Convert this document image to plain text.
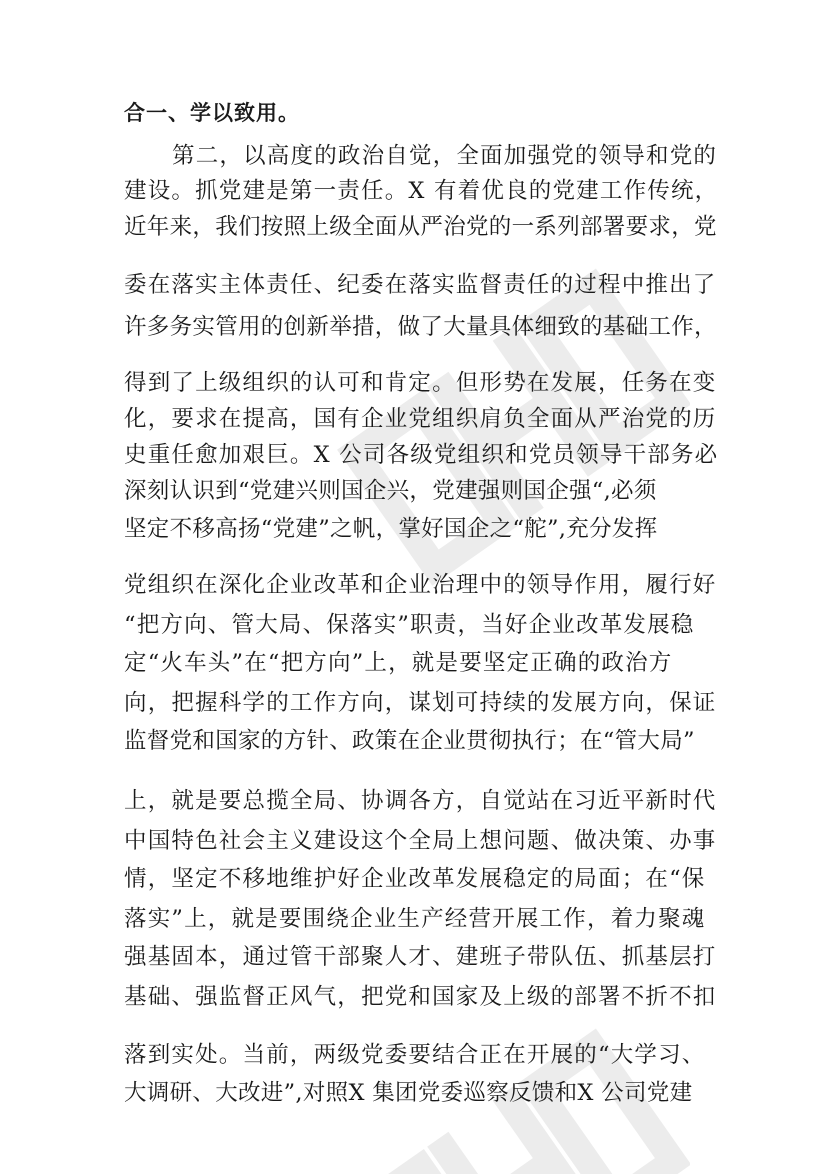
合一、学以致用。
第二，以高度的政治自觉，全面加强党的领导和党的
建设。抓党建是第一责任。X 有着优良的党建工作传统，
近年来，我们按照上级全面从严治党的一系列部署要求，党
委在落实主体责任、纪委在落实监督责任的过程中推出了
许多务实管用的创新举措，做了大量具体细致的基础工作，
得到了上级组织的认可和肯定。但形势在发展，任务在变
化，要求在提高，国有企业党组织肩负全面从严治党的历
史重任愈加艰巨。X 公司各级党组织和党员领导干部务必
深刻认识到“党建兴则国企兴，党建强则国企强“,必须
坚定不移高扬“党建”之帆，掌好国企之“舵”,充分发挥
党组织在深化企业改革和企业治理中的领导作用，履行好
“把方向、管大局、保落实”职责，当好企业改革发展稳
定“火车头”在“把方向”上，就是要坚定正确的政治方
向，把握科学的工作方向，谋划可持续的发展方向，保证
监督党和国家的方针、政策在企业贯彻执行；在“管大局”
上，就是要总揽全局、协调各方，自觉站在习近平新时代
中国特色社会主义建设这个全局上想问题、做决策、办事
情，坚定不移地维护好企业改革发展稳定的局面；在“保
落实”上，就是要围绕企业生产经营开展工作，着力聚魂
强基固本，通过管干部聚人才、建班子带队伍、抓基层打
基础、强监督正风气，把党和国家及上级的部署不折不扣
落到实处。当前，两级党委要结合正在开展的“大学习、
大调研、大改进”,对照X 集团党委巡察反馈和X 公司党建
